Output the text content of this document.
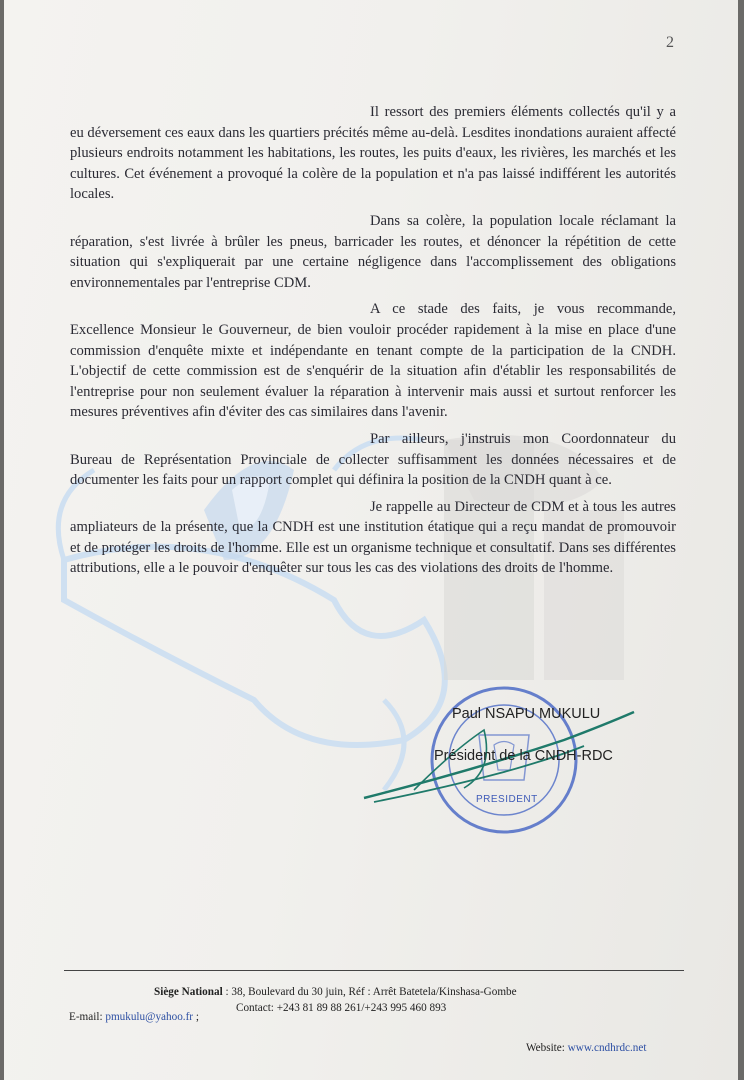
2

Il ressort des premiers éléments collectés qu'il y a eu déversement ces eaux dans les quartiers précités même au-delà. Lesdites inondations auraient affecté plusieurs endroits notamment les habitations, les routes, les puits d'eaux, les rivières, les marchés et les cultures. Cet événement a provoqué la colère de la population et n'a pas laissé indifférent les autorités locales.

Dans sa colère, la population locale réclamant la réparation, s'est livrée à brûler les pneus, barricader les routes, et dénoncer la répétition de cette situation qui s'expliquerait par une certaine négligence dans l'accomplissement des obligations environnementales par l'entreprise CDM.

A ce stade des faits, je vous recommande, Excellence Monsieur le Gouverneur, de bien vouloir procéder rapidement à la mise en place d'une commission d'enquête mixte et indépendante en tenant compte de la participation de la CNDH. L'objectif de cette commission est de s'enquérir de la situation afin d'établir les responsabilités de l'entreprise pour non seulement évaluer la réparation à intervenir mais aussi et surtout renforcer les mesures préventives afin d'éviter des cas similaires dans l'avenir.

Par ailleurs, j'instruis mon Coordonnateur du Bureau de Représentation Provinciale de collecter suffisamment les données nécessaires et de documenter les faits pour un rapport complet qui définira la position de la CNDH quant à ce.

Je rappelle au Directeur de CDM et à tous les autres ampliateurs de la présente, que la CNDH est une institution étatique qui a reçu mandat de promouvoir et de protéger les droits de l'homme. Elle est un organisme technique et consultatif. Dans ses différentes attributions, elle a le pouvoir d'enquêter sur tous les cas des violations des droits de l'homme.

Paul NSAPU MUKULU
Président de la CNDH-RDC
PRESIDENT
Siège National : 38, Boulevard du 30 juin, Réf : Arrêt Batetela/Kinshasa-Gombe
Contact: +243 81 89 88 261/+243 995 460 893
E-mail: pmukulu@yahoo.fr ;
Website: www.cndhrdc.net
